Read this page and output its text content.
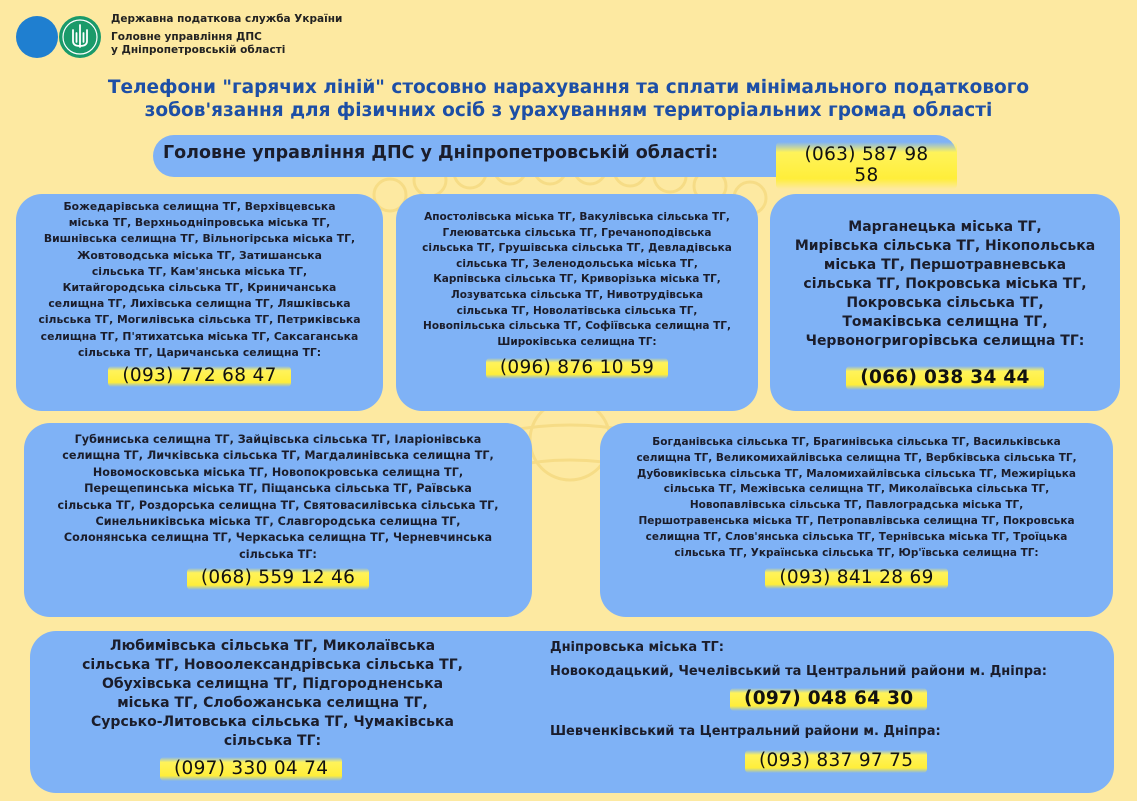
Державна податкова служба України
Головне управління ДПС
у Дніпропетровській області
Телефони "гарячих ліній" стосовно нарахування та сплати мінімального податкового
зобов'язання для фізичних осіб з урахуванням територіальних громад області
Головне управління ДПС у Дніпропетровській області:	(063) 587 98 58

Божедарівська селищна ТГ, Верхівцевська

міська ТГ, Верхньодніпровська міська ТГ,

Вишнівська селищна ТГ, Вільногірська міська ТГ,

Жовтоводська міська ТГ, Затишанська

сільська ТГ, Кам'янська міська ТГ,

Китайгородська сільська ТГ, Криничанська

селищна ТГ, Лихівська селищна ТГ, Ляшківська

сільська ТГ, Могилівська сільська ТГ, Петриківська

селищна ТГ, П'ятихатська міська ТГ, Саксаганська

сільська ТГ, Царичанська селищна ТГ:

(093) 772 68 47

Апостолівська міська ТГ, Вакулівська сільська ТГ,

Глеюватська сільська ТГ, Гречаноподівська

сільська ТГ, Грушівська сільська ТГ, Девладівська

сільська ТГ, Зеленодольська міська ТГ,

Карпівська сільська ТГ, Криворізька міська ТГ,

Лозуватська сільська ТГ, Нивотрудівська

сільська ТГ, Новолатівська сільська ТГ,

Новопільська сільська ТГ, Софіївська селищна ТГ,

Широківська селищна ТГ:

(096) 876 10 59

Марганецька міська ТГ,

Мирівська сільська ТГ, Нікопольська

міська ТГ, Першотравневська

сільська ТГ, Покровська міська ТГ,

Покровська сільська ТГ,

Томаківська селищна ТГ,

Червоногригорівська селищна ТГ:

(066) 038 34 44

Губиниська селищна ТГ, Зайцівська сільська ТГ, Іларіонівська

селищна ТГ, Личківська сільська ТГ, Магдалинівська селищна ТГ,

Новомосковська міська ТГ, Новопокровська селищна ТГ,

Перещепинська міська ТГ, Піщанська сільська ТГ, Раївська

сільська ТГ, Роздорська селищна ТГ, Святовасилівська сільська ТГ,

Синельниківська міська ТГ, Славгородська селищна ТГ,

Солонянська селищна ТГ, Черкаська селищна ТГ, Черневчинська

сільська ТГ:

(068) 559 12 46

Богданівська сільська ТГ, Брагинівська сільська ТГ, Васильківська

селищна ТГ, Великомихайлівська селищна ТГ, Вербківська сільська ТГ,

Дубовиківська сільська ТГ, Маломихайлівська сільська ТГ, Межиріцька

сільська ТГ, Межівська селищна ТГ, Миколаївська сільська ТГ,

Новопавлівська сільська ТГ, Павлоградська міська ТГ,

Першотравенська міська ТГ, Петропавлівська селищна ТГ, Покровська

селищна ТГ, Слов'янська сільська ТГ, Тернівська міська ТГ, Троїцька

сільська ТГ, Українська сільська ТГ, Юр'ївська селищна ТГ:

(093) 841 28 69

Любимівська сільська ТГ, Миколаївська

сільська ТГ, Новоолександрівська сільська ТГ,

Обухівська селищна ТГ, Підгородненська

міська ТГ, Слобожанська селищна ТГ,

Сурсько-Литовська сільська ТГ, Чумаківська

сільська ТГ:

(097) 330 04 74
Дніпровська міська ТГ:
Новокодацький, Чечелівський та Центральний райони м. Дніпра:
(097) 048 64 30
Шевченківський та Центральний райони м. Дніпра:
(093) 837 97 75
